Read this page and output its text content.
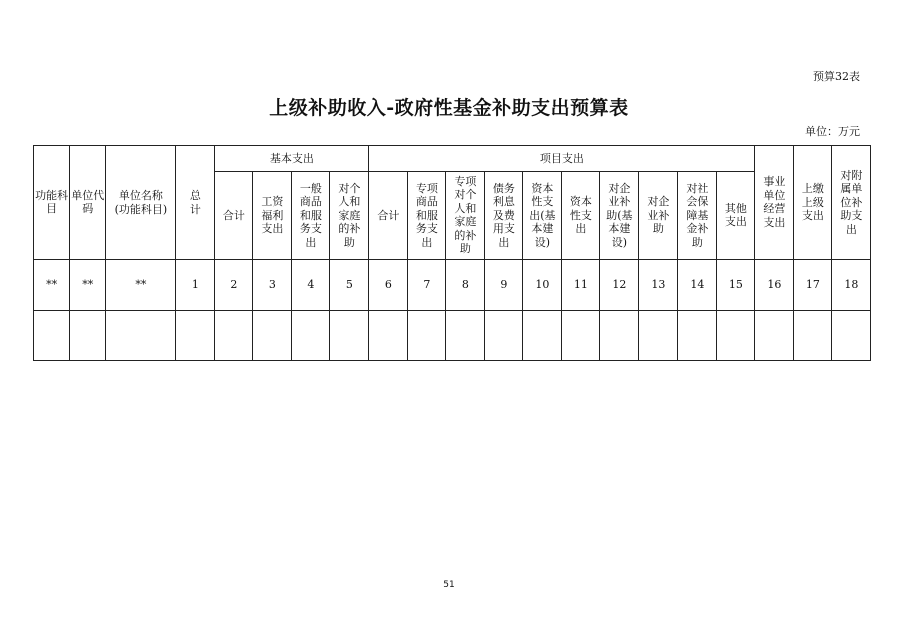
预算32表
上级补助收入-政府性基金补助支出预算表
单位：万元
功能科目	单位代码	单位名称(功能科目)	总计	基本支出				项目支出										事业单位经营支出	上缴上级支出	对附属单位补助支出
				合计	工资福利支出	一般商品和服务支出	对个人和家庭的补助	合计	专项商品和服务支出	专项对个人和家庭的补助	债务利息及费用支出	资本性支出(基本建设)	资本性支出	对企业补助(基本建设)	对企业补助	对社会保障基金补助	其他支出			
**	**	**	1	2	3	4	5	6	7	8	9	10	11	12	13	14	15	16	17	18

51
